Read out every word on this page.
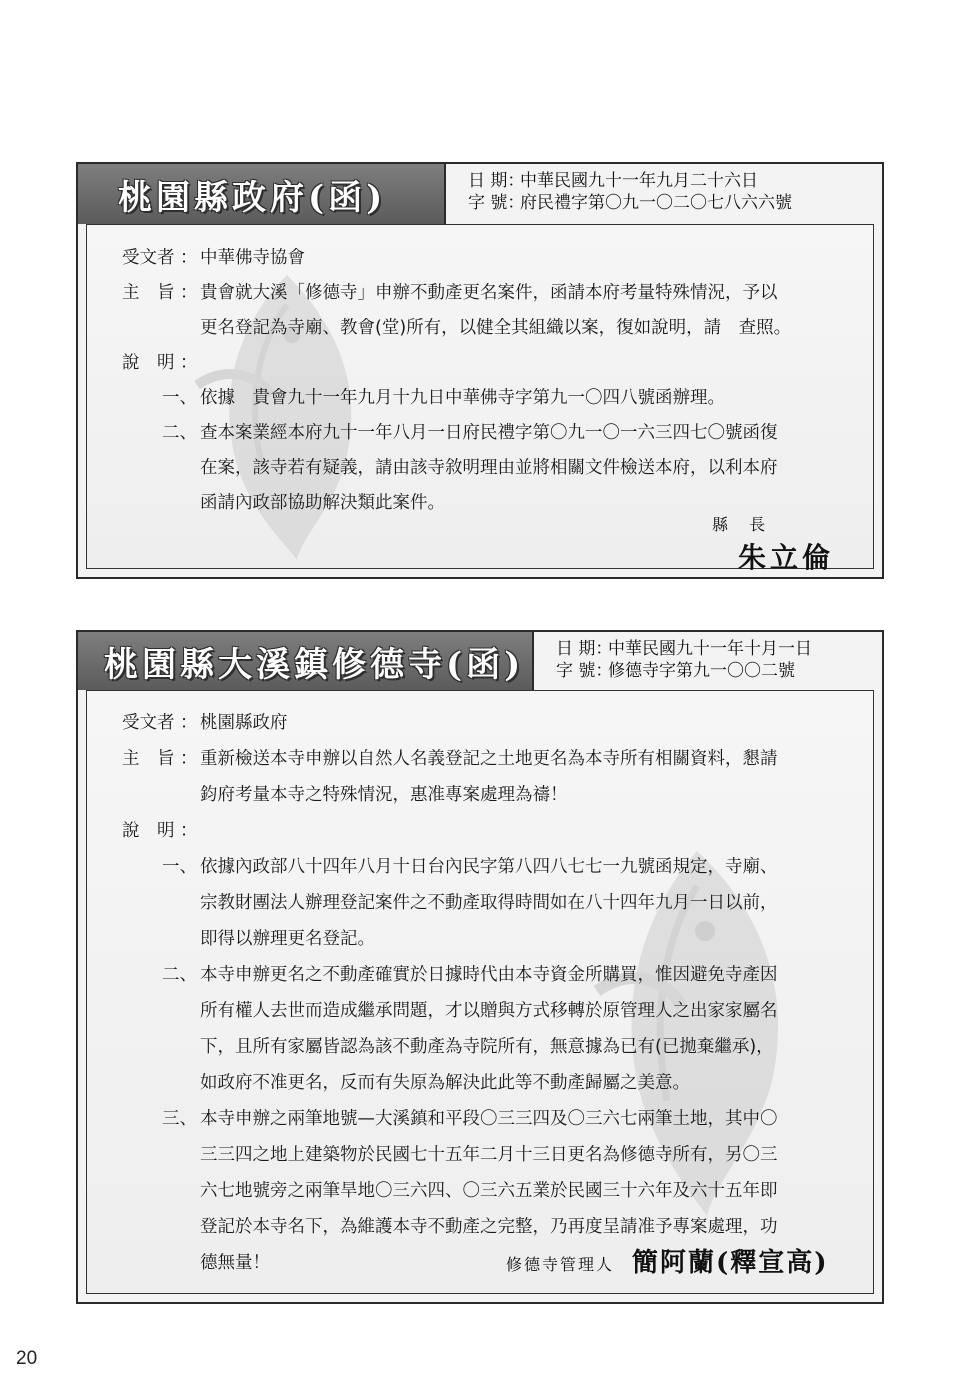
桃園縣政府(函)	日 期：中華民國九十一年九月二十六日
字 號：府民禮字第〇九一〇二〇七八六六號
受文者 ： 中華佛寺協會
主　旨 ： 貴會就大溪「修德寺」申辦不動產更名案件，函請本府考量特殊情況，予以
更名登記為寺廟、教會(堂)所有，以健全其組織以案，復如說明，請　查照。
說　明 ：
一、 依據　貴會九十一年九月十九日中華佛寺字第九一〇四八號函辦理。
二、 查本案業經本府九十一年八月一日府民禮字第〇九一〇一六三四七〇號函復
在案，該寺若有疑義，請由該寺敘明理由並將相關文件檢送本府，以利本府
函請內政部協助解決類此案件。
縣 長
朱立倫
桃園縣大溪鎮修德寺(函) 日 期：中華民國九十一年十月一日
字 號：修德寺字第九一〇〇二號
受文者 ： 桃園縣政府
主　旨 ： 重新檢送本寺申辦以自然人名義登記之土地更名為本寺所有相關資料，懇請
鈞府考量本寺之特殊情況，惠准專案處理為禱！
說　明 ：
一、 依據內政部八十四年八月十日台內民字第八四八七七一九號函規定，寺廟、
宗教財團法人辦理登記案件之不動產取得時間如在八十四年九月一日以前，
即得以辦理更名登記。
二、 本寺申辦更名之不動產確實於日據時代由本寺資金所購買，惟因避免寺產因
所有權人去世而造成繼承問題，才以贈與方式移轉於原管理人之出家家屬名
下，且所有家屬皆認為該不動產為寺院所有，無意據為已有(已拋棄繼承)，
如政府不准更名，反而有失原為解決此此等不動產歸屬之美意。
三、 本寺申辦之兩筆地號—大溪鎮和平段〇三三四及〇三六七兩筆土地，其中〇
三三四之地上建築物於民國七十五年二月十三日更名為修德寺所有，另〇三
六七地號旁之兩筆旱地〇三六四、〇三六五業於民國三十六年及六十五年即
登記於本寺名下，為維護本寺不動產之完整，乃再度呈請准予專案處理，功
德無量！	修德寺管理人 簡阿蘭(釋宣高)
20
